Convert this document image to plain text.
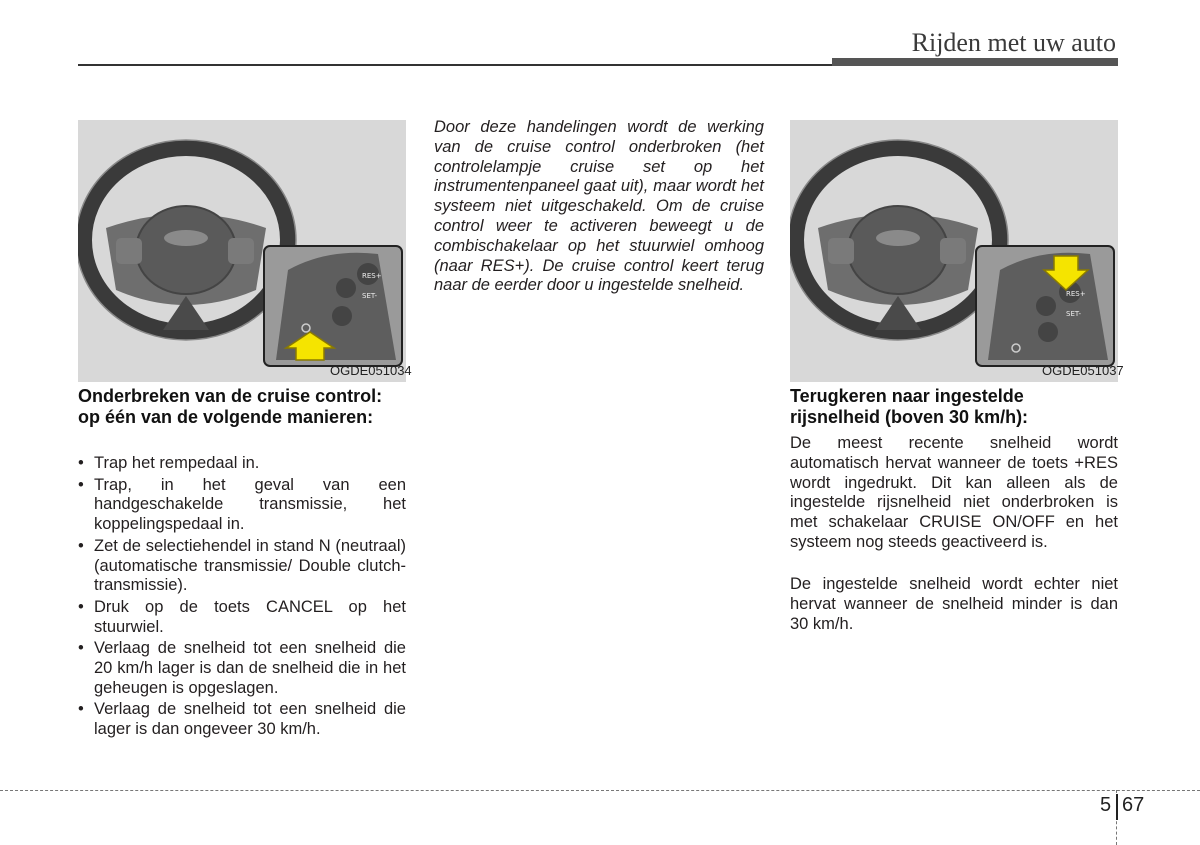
Rijden met uw auto
RES+
SET-
OGDE051034
Onderbreken van de cruise control: op één van de volgende manieren:
• Trap het rempedaal in.
• Trap, in het geval van een handgeschakelde transmissie, het koppelingspedaal in.
• Zet de selectiehendel in stand N (neutraal) (automatische transmissie/ Double clutch-transmissie).
• Druk op de toets CANCEL op het stuurwiel.
• Verlaag de snelheid tot een snelheid die 20 km/h lager is dan de snelheid die in het geheugen is opgeslagen.
• Verlaag de snelheid tot een snelheid die lager is dan ongeveer 30 km/h.
Door deze handelingen wordt de werking van de cruise control onderbroken (het controlelampje cruise set op het instrumentenpaneel gaat uit), maar wordt het systeem niet uitgeschakeld. Om de cruise control weer te activeren beweegt u de combischakelaar op het stuurwiel omhoog (naar RES+). De cruise control keert terug naar de eerder door u ingestelde snelheid.	RES+
SET-
OGDE051037
Terugkeren naar ingestelde rijsnelheid (boven 30 km/h):

De meest recente snelheid wordt automatisch hervat wanneer de toets +RES wordt ingedrukt. Dit kan alleen als de ingestelde rijsnelheid niet onderbroken is met schakelaar CRUISE ON/OFF en het systeem nog steeds geactiveerd is.

De ingestelde snelheid wordt echter niet hervat wanneer de snelheid minder is dan 30 km/h.

5 67
